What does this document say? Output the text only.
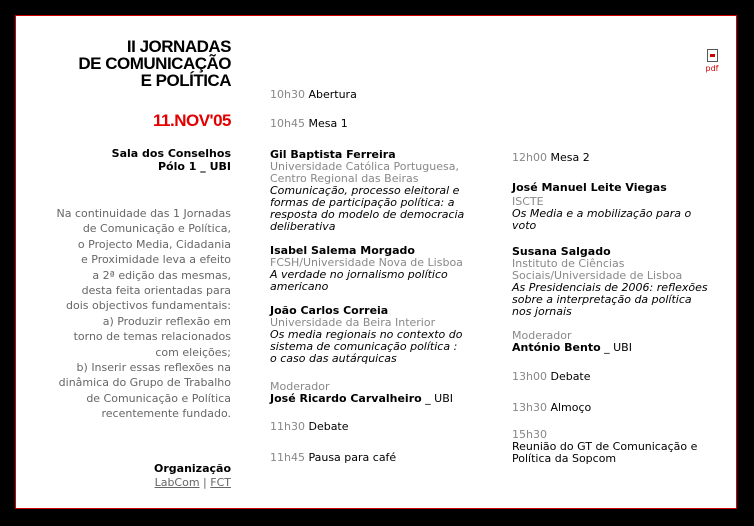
II JORNADAS
DE COMUNICAÇÃO
E POLÍTICA
11.NOV'05
Sala dos Conselhos
Pólo 1 _ UBI
Na continuidade das 1 Jornadas
de Comunicação e Política,
o Projecto Media, Cidadania
e Proximidade leva a efeito
a 2ª edição das mesmas,
desta feita orientadas para
dois objectivos fundamentais:
a) Produzir reflexão em
torno de temas relacionados
com eleições;
b) Inserir essas reflexões na
dinâmica do Grupo de Trabalho
de Comunicação e Política
recentemente fundado.
Organização
LabCom | FCT
pdf
10h30 Abertura
10h45 Mesa 1
Gil Baptista Ferreira
Universidade Católica Portuguesa,
Centro Regional das Beiras
Comunicação, processo eleitoral e
formas de participação política: a
resposta do modelo de democracia
deliberativa
Isabel Salema Morgado
FCSH/Universidade Nova de Lisboa
A verdade no jornalismo político
americano
João Carlos Correia
Universidade da Beira Interior
Os media regionais no contexto do
sistema de comunicação política :
o caso das autárquicas
Moderador
José Ricardo Carvalheiro _ UBI
11h30 Debate
11h45 Pausa para café
12h00 Mesa 2
José Manuel Leite Viegas
ISCTE
Os Media e a mobilização para o
voto
Susana Salgado
Instituto de Ciências
Sociais/Universidade de Lisboa
As Presidenciais de 2006: reflexões
sobre a interpretação da política
nos jornais
Moderador
António Bento _ UBI
13h00 Debate
13h30 Almoço
15h30
Reunião do GT de Comunicação e
Política da Sopcom
